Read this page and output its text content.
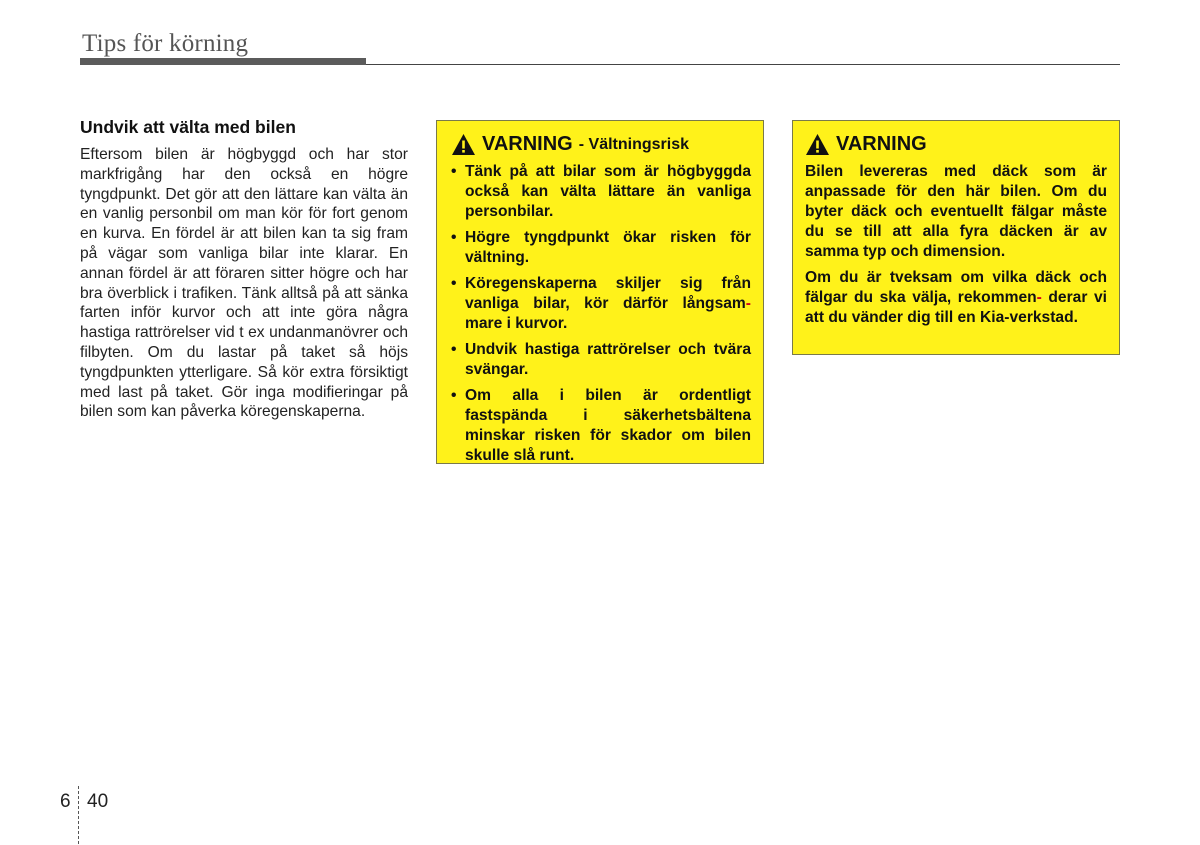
Tips för körning
Undvik att välta med bilen

Eftersom bilen är högbyggd och har stor markfrigång har den också en högre tyngdpunkt. Det gör att den lättare kan välta än en vanlig personbil om man kör för fort genom en kurva. En fördel är att bilen kan ta sig fram på vägar som vanliga bilar inte klarar. En annan fördel är att föraren sitter högre och har bra överblick i trafiken. Tänk alltså på att sänka farten inför kurvor och att inte göra några hastiga rattrörelser vid t ex undanmanövrer och filbyten. Om du lastar på taket så höjs tyngdpunkten ytterligare. Så kör extra försiktigt med last på taket. Gör inga modifieringar på bilen som kan påverka köregenskaperna.

VARNING - Vältningsrisk
• Tänk på att bilar som är högbyggda också kan välta lättare än vanliga personbilar.
• Högre tyngdpunkt ökar risken för vältning.
• Köregenskaperna skiljer sig från vanliga bilar, kör därför långsam- mare i kurvor.
• Undvik hastiga rattrörelser och tvära svängar.
• Om alla i bilen är ordentligt fastspända i säkerhetsbältena minskar risken för skador om bilen skulle slå runt.
VARNING

Bilen levereras med däck som är anpassade för den här bilen. Om du byter däck och eventuellt fälgar måste du se till att alla fyra däcken är av samma typ och dimension.

Om du är tveksam om vilka däck och fälgar du ska välja, rekommen- derar vi att du vänder dig till en Kia-verkstad.

6 40
